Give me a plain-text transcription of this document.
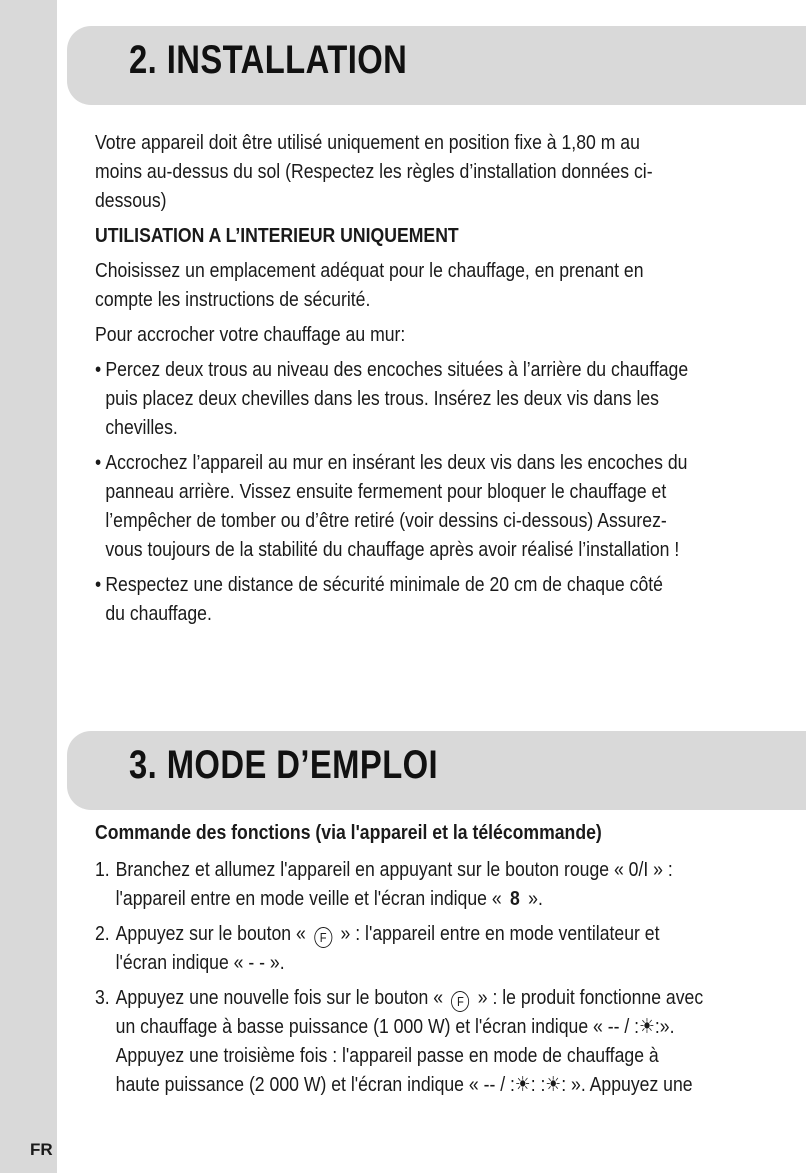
FR
2. INSTALLATION

Votre appareil doit être utilisé uniquement en position fixe à 1,80 m au

moins au-dessus du sol (Respectez les règles d’installation données ci-

dessous)

UTILISATION A L’INTERIEUR UNIQUEMENT

Choisissez un emplacement adéquat pour le chauffage, en prenant en

compte les instructions de sécurité.

Pour accrocher votre chauffage au mur:

• Percez deux trous au niveau des encoches situées à l’arrière du chauffage

puis placez deux chevilles dans les trous. Insérez les deux vis dans les

chevilles.

• Accrochez l’appareil au mur en insérant les deux vis dans les encoches du

panneau arrière. Vissez ensuite fermement pour bloquer le chauffage et

l’empêcher de tomber ou d’être retiré (voir dessins ci-dessous) Assurez-

vous toujours de la stabilité du chauffage après avoir réalisé l’installation !

• Respectez une distance de sécurité minimale de 20 cm de chaque côté

du chauffage.

3. MODE D’EMPLOI

Commande des fonctions (via l'appareil et la télécommande)

1. Branchez et allumez l'appareil en appuyant sur le bouton rouge « 0/I » :

l'appareil entre en mode veille et l'écran indique « 8 ».

2. Appuyez sur le bouton « F » : l'appareil entre en mode ventilateur et

l'écran indique « - - ».

3. Appuyez une nouvelle fois sur le bouton « F » : le produit fonctionne avec

un chauffage à basse puissance (1 000 W) et l'écran indique « -- / :☀:».

Appuyez une troisième fois : l'appareil passe en mode de chauffage à

haute puissance (2 000 W) et l'écran indique « -- / :☀: :☀: ». Appuyez une
